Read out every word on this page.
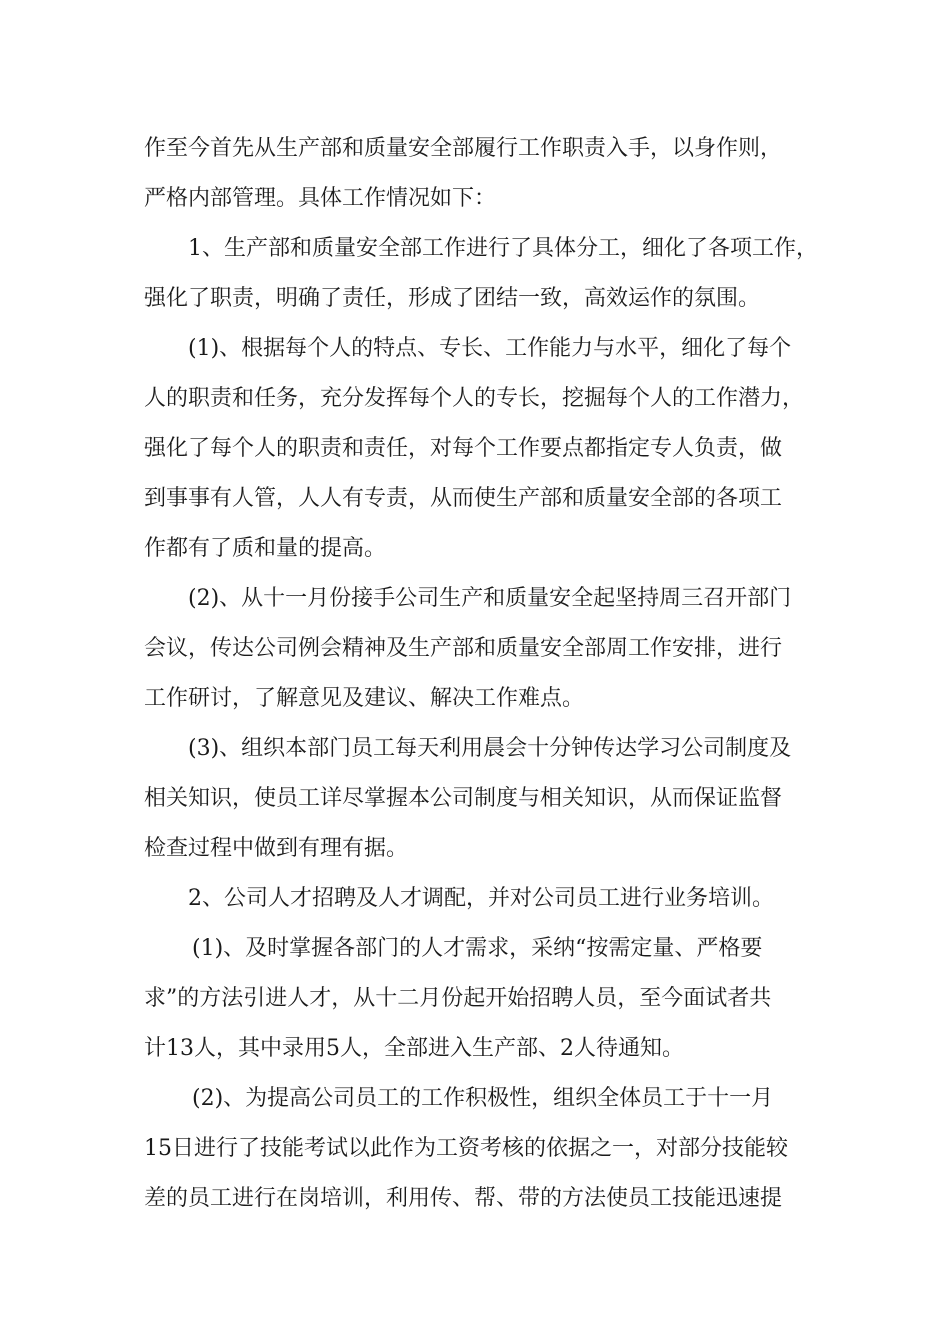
作至今首先从生产部和质量安全部履行工作职责入手，以身作则，
严格内部管理。具体工作情况如下：
1、生产部和质量安全部工作进行了具体分工，细化了各项工作，
强化了职责，明确了责任，形成了团结一致，高效运作的氛围。
(1)、根据每个人的特点、专长、工作能力与水平，细化了每个
人的职责和任务，充分发挥每个人的专长，挖掘每个人的工作潜力，
强化了每个人的职责和责任，对每个工作要点都指定专人负责，做
到事事有人管，人人有专责，从而使生产部和质量安全部的各项工
作都有了质和量的提高。
(2)、从十一月份接手公司生产和质量安全起坚持周三召开部门
会议，传达公司例会精神及生产部和质量安全部周工作安排，进行
工作研讨，了解意见及建议、解决工作难点。
(3)、组织本部门员工每天利用晨会十分钟传达学习公司制度及
相关知识，使员工详尽掌握本公司制度与相关知识，从而保证监督
检查过程中做到有理有据。
2、公司人才招聘及人才调配，并对公司员工进行业务培训。
(1)、及时掌握各部门的人才需求，采纳“按需定量、严格要
求”的方法引进人才，从十二月份起开始招聘人员，至今面试者共
计13人，其中录用5人，全部进入生产部、2人待通知。
(2)、为提高公司员工的工作积极性，组织全体员工于十一月
15日进行了技能考试以此作为工资考核的依据之一，对部分技能较
差的员工进行在岗培训，利用传、帮、带的方法使员工技能迅速提
